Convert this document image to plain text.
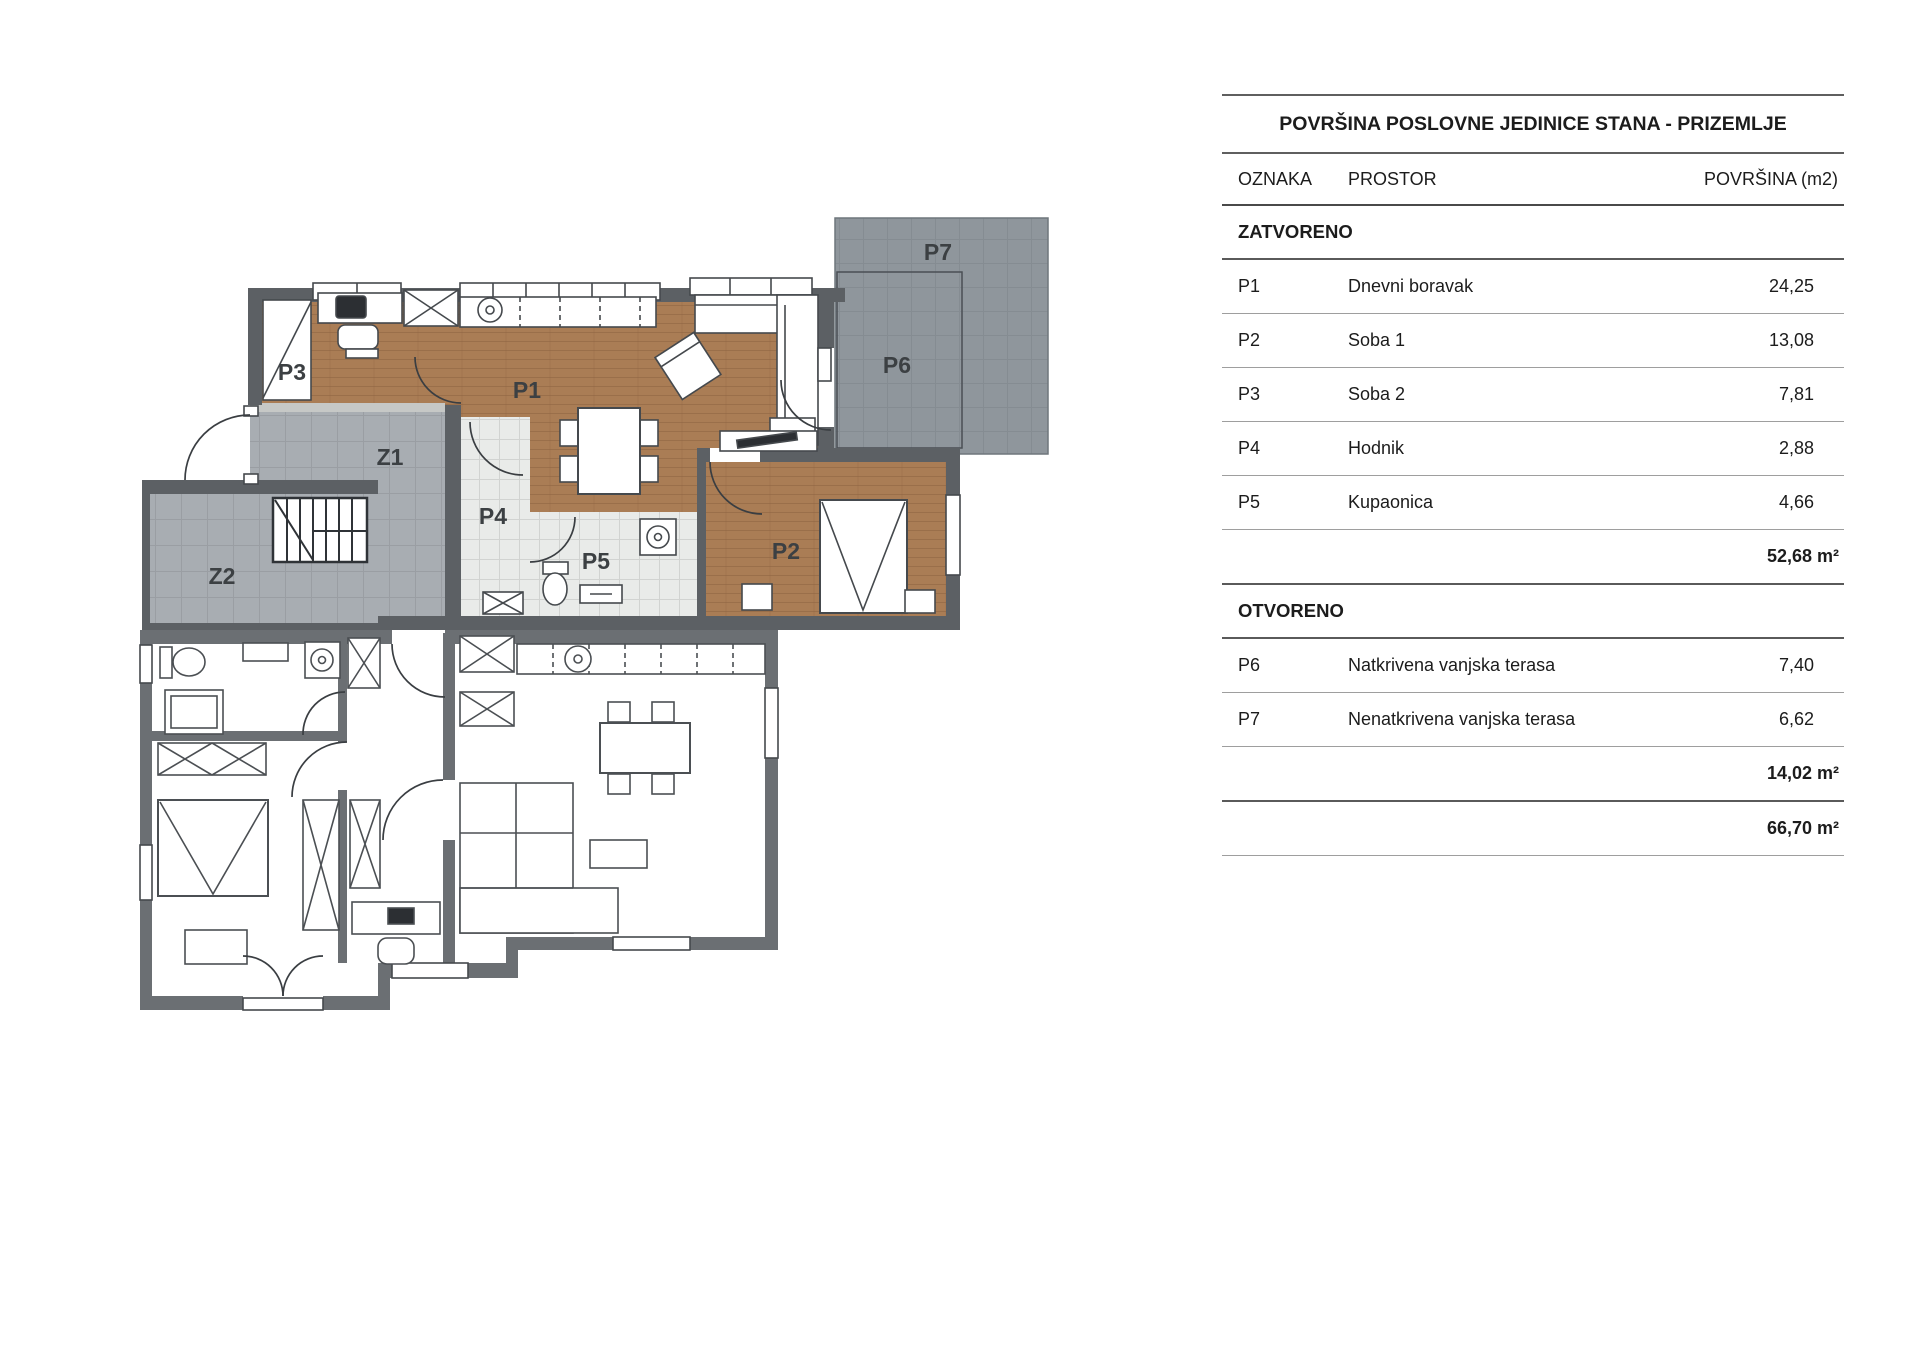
P3
P1
P4
P5	P2
Z1
Z2
P6
P7
POVRŠINA POSLOVNE JEDINICE STANA - PRIZEMLJE
OZNAKA	PROSTOR	POVRŠINA (m2)
ZATVORENO
P1	Dnevni boravak	24,25
P2	Soba 1	13,08
P3	Soba 2	7,81
P4	Hodnik	2,88
P5	Kupaonica	4,66
52,68 m²
OTVORENO
P6	Natkrivena vanjska terasa	7,40
P7	Nenatkrivena vanjska terasa	6,62
14,02 m²
66,70 m²
